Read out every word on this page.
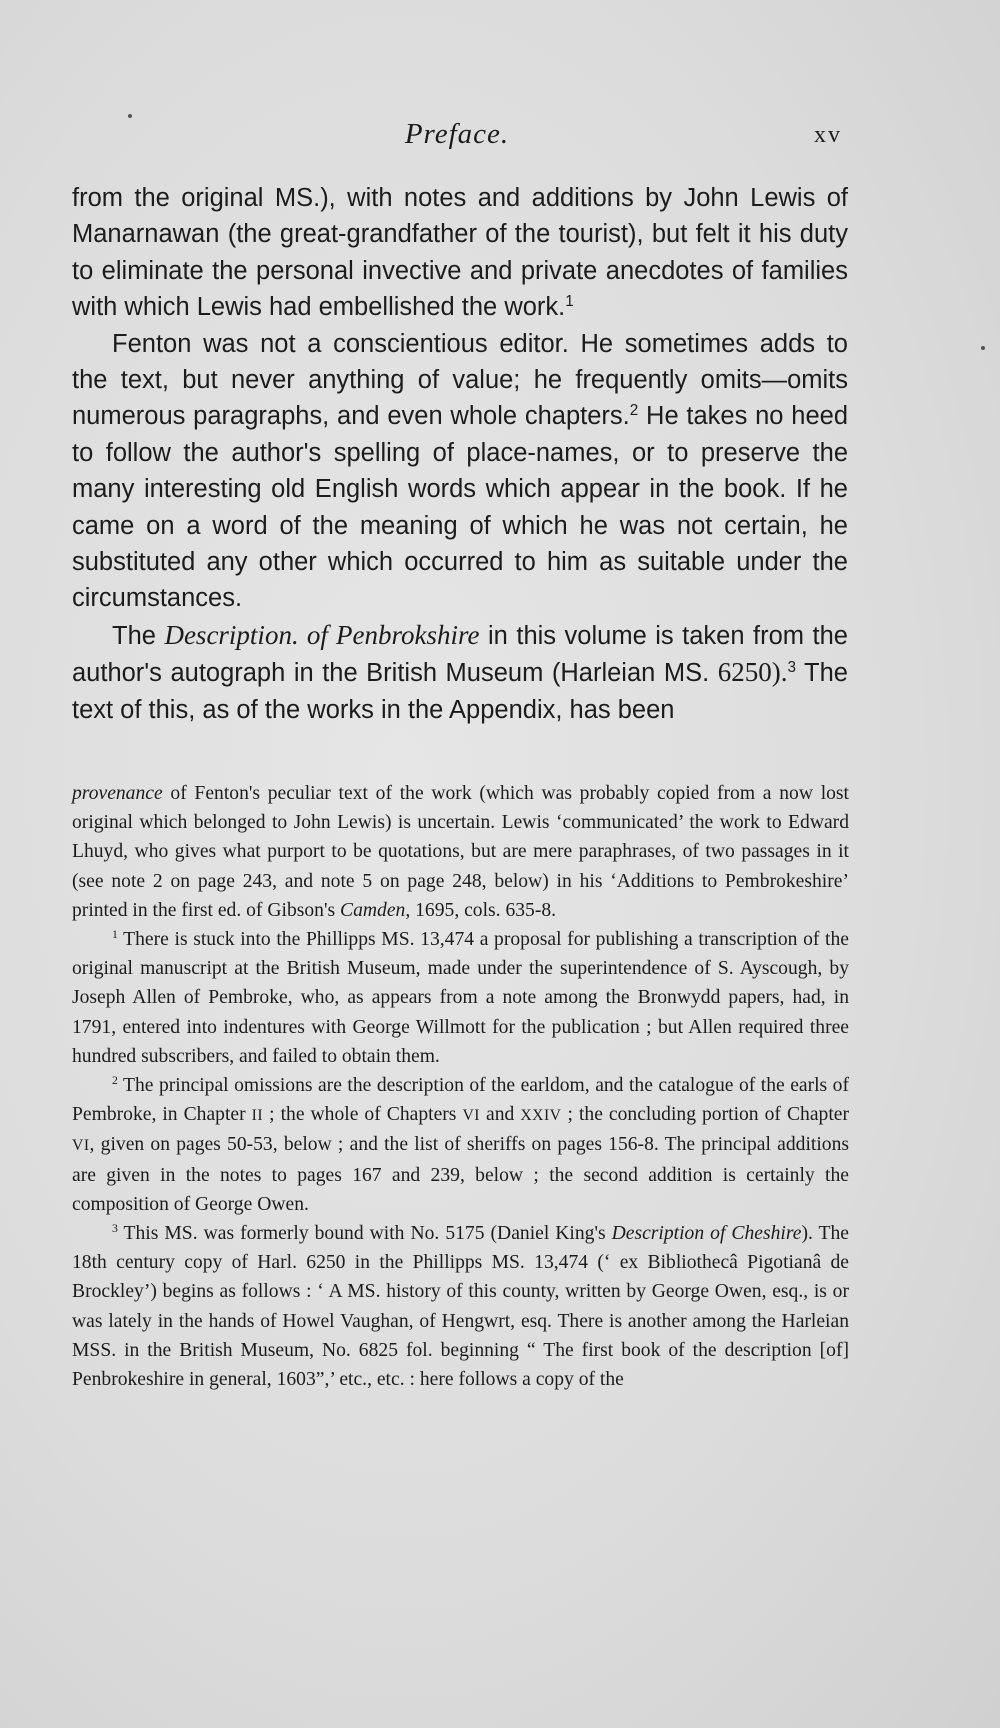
Preface.	xv

from the original MS.), with notes and additions by John Lewis of Manarnawan (the great-grandfather of the tourist), but felt it his duty to eliminate the personal invective and private anecdotes of families with which Lewis had embellished the work.$^1$

Fenton was not a conscientious editor. He sometimes adds to the text, but never anything of value; he frequently omits—omits numerous paragraphs, and even whole chapters.$^2$ He takes no heed to follow the author's spelling of place-names, or to preserve the many interesting old English words which appear in the book. If he came on a word of the meaning of which he was not certain, he substituted any other which occurred to him as suitable under the circumstances.

The Description. of Penbrokshire in this volume is taken from the author's autograph in the British Museum (Harleian MS. 6250).$^3$ The text of this, as of the works in the Appendix, has been

provenance of Fenton's peculiar text of the work (which was probably copied from a now lost original which belonged to John Lewis) is uncertain. Lewis ‘communicated’ the work to Edward Lhuyd, who gives what purport to be quotations, but are mere paraphrases, of two passages in it (see note 2 on page 243, and note 5 on page 248, below) in his ‘Additions to Pembrokeshire’ printed in the first ed. of Gibson's Camden, 1695, cols. 635-8.

$^1$ There is stuck into the Phillipps MS. 13,474 a proposal for publishing a transcription of the original manuscript at the British Museum, made under the superintendence of S. Ayscough, by Joseph Allen of Pembroke, who, as appears from a note among the Bronwydd papers, had, in 1791, entered into indentures with George Willmott for the publication ; but Allen required three hundred subscribers, and failed to obtain them.

$^2$ The principal omissions are the description of the earldom, and the catalogue of the earls of Pembroke, in Chapter II ; the whole of Chapters VI and XXIV ; the concluding portion of Chapter VI, given on pages 50-53, below ; and the list of sheriffs on pages 156-8. The principal additions are given in the notes to pages 167 and 239, below ; the second addition is certainly the composition of George Owen.

$^3$ This MS. was formerly bound with No. 5175 (Daniel King's Description of Cheshire). The 18th century copy of Harl. 6250 in the Phillipps MS. 13,474 (‘ ex Bibliothecâ Pigotianâ de Brockley’) begins as follows : ‘ A MS. history of this county, written by George Owen, esq., is or was lately in the hands of Howel Vaughan, of Hengwrt, esq. There is another among the Harleian MSS. in the British Museum, No. 6825 fol. beginning “ The first book of the description [of] Penbrokeshire in general, 1603”,’ etc., etc. : here follows a copy of the
